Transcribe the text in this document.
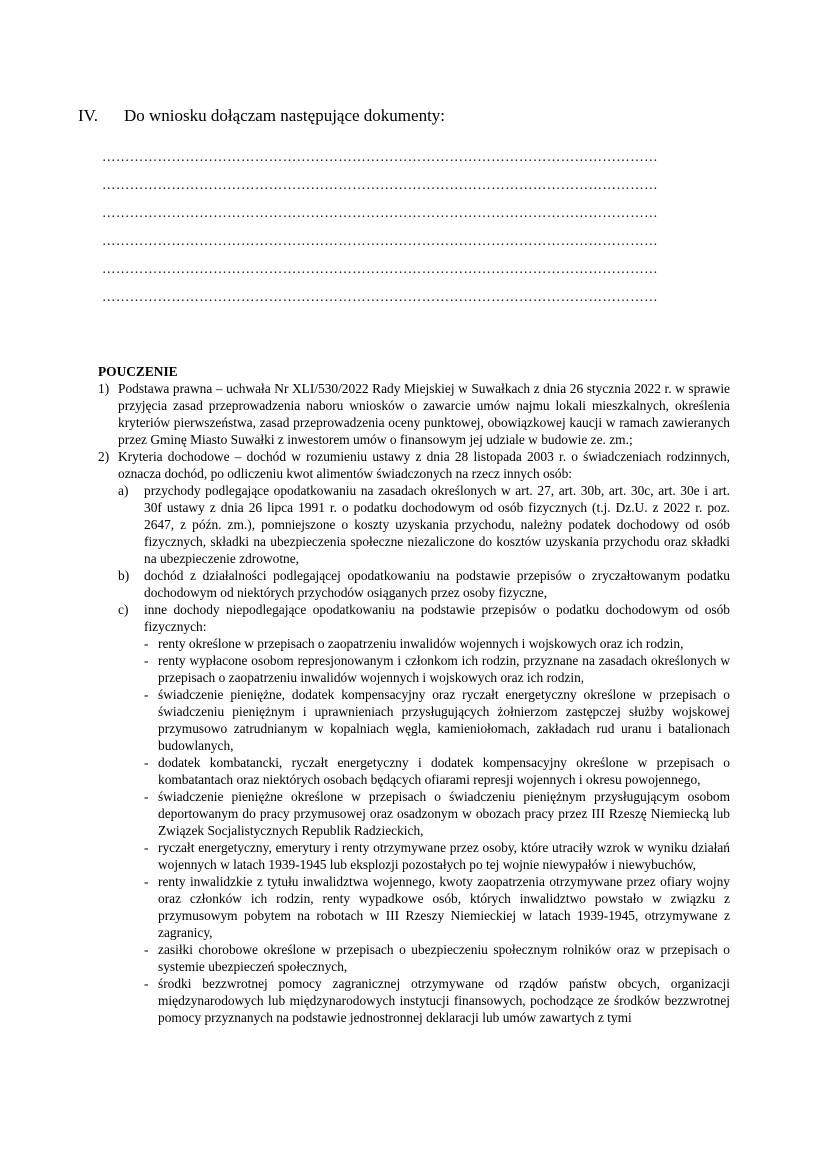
IV. Do wniosku dołączam następujące dokumenty:
…………………………………………………………………………………………………………
…………………………………………………………………………………………………………
…………………………………………………………………………………………………………
…………………………………………………………………………………………………………
…………………………………………………………………………………………………………
…………………………………………………………………………………………………………

POUCZENIE

1) Podstawa prawna – uchwała Nr XLI/530/2022 Rady Miejskiej w Suwałkach z dnia 26 stycznia 2022 r. w sprawie przyjęcia zasad przeprowadzenia naboru wniosków o zawarcie umów najmu lokali mieszkalnych, określenia kryteriów pierwszeństwa, zasad przeprowadzenia oceny punktowej, obowiązkowej kaucji w ramach zawieranych przez Gminę Miasto Suwałki z inwestorem umów o finansowym jej udziale w budowie ze. zm.;

2) Kryteria dochodowe – dochód w rozumieniu ustawy z dnia 28 listopada 2003 r. o świadczeniach rodzinnych, oznacza dochód, po odliczeniu kwot alimentów świadczonych na rzecz innych osób:

a) przychody podlegające opodatkowaniu na zasadach określonych w art. 27, art. 30b, art. 30c, art. 30e i art. 30f ustawy z dnia 26 lipca 1991 r. o podatku dochodowym od osób fizycznych (t.j. Dz.U. z 2022 r. poz. 2647, z późn. zm.), pomniejszone o koszty uzyskania przychodu, należny podatek dochodowy od osób fizycznych, składki na ubezpieczenia społeczne niezaliczone do kosztów uzyskania przychodu oraz składki na ubezpieczenie zdrowotne,

b) dochód z działalności podlegającej opodatkowaniu na podstawie przepisów o zryczałtowanym podatku dochodowym od niektórych przychodów osiąganych przez osoby fizyczne,

c) inne dochody niepodlegające opodatkowaniu na podstawie przepisów o podatku dochodowym od osób fizycznych:

- renty określone w przepisach o zaopatrzeniu inwalidów wojennych i wojskowych oraz ich rodzin,

- renty wypłacone osobom represjonowanym i członkom ich rodzin, przyznane na zasadach określonych w przepisach o zaopatrzeniu inwalidów wojennych i wojskowych oraz ich rodzin,

- świadczenie pieniężne, dodatek kompensacyjny oraz ryczałt energetyczny określone w przepisach o świadczeniu pieniężnym i uprawnieniach przysługujących żołnierzom zastępczej służby wojskowej przymusowo zatrudnianym w kopalniach węgla, kamieniołomach, zakładach rud uranu i batalionach budowlanych,

- dodatek kombatancki, ryczałt energetyczny i dodatek kompensacyjny określone w przepisach o kombatantach oraz niektórych osobach będących ofiarami represji wojennych i okresu powojennego,

- świadczenie pieniężne określone w przepisach o świadczeniu pieniężnym przysługującym osobom deportowanym do pracy przymusowej oraz osadzonym w obozach pracy przez III Rzeszę Niemiecką lub Związek Socjalistycznych Republik Radzieckich,

- ryczałt energetyczny, emerytury i renty otrzymywane przez osoby, które utraciły wzrok w wyniku działań wojennych w latach 1939-1945 lub eksplozji pozostałych po tej wojnie niewypałów i niewybuchów,

- renty inwalidzkie z tytułu inwalidztwa wojennego, kwoty zaopatrzenia otrzymywane przez ofiary wojny oraz członków ich rodzin, renty wypadkowe osób, których inwalidztwo powstało w związku z przymusowym pobytem na robotach w III Rzeszy Niemieckiej w latach 1939-1945, otrzymywane z zagranicy,

- zasiłki chorobowe określone w przepisach o ubezpieczeniu społecznym rolników oraz w przepisach o systemie ubezpieczeń społecznych,

- środki bezzwrotnej pomocy zagranicznej otrzymywane od rządów państw obcych, organizacji międzynarodowych lub międzynarodowych instytucji finansowych, pochodzące ze środków bezzwrotnej pomocy przyznanych na podstawie jednostronnej deklaracji lub umów zawartych z tymi
